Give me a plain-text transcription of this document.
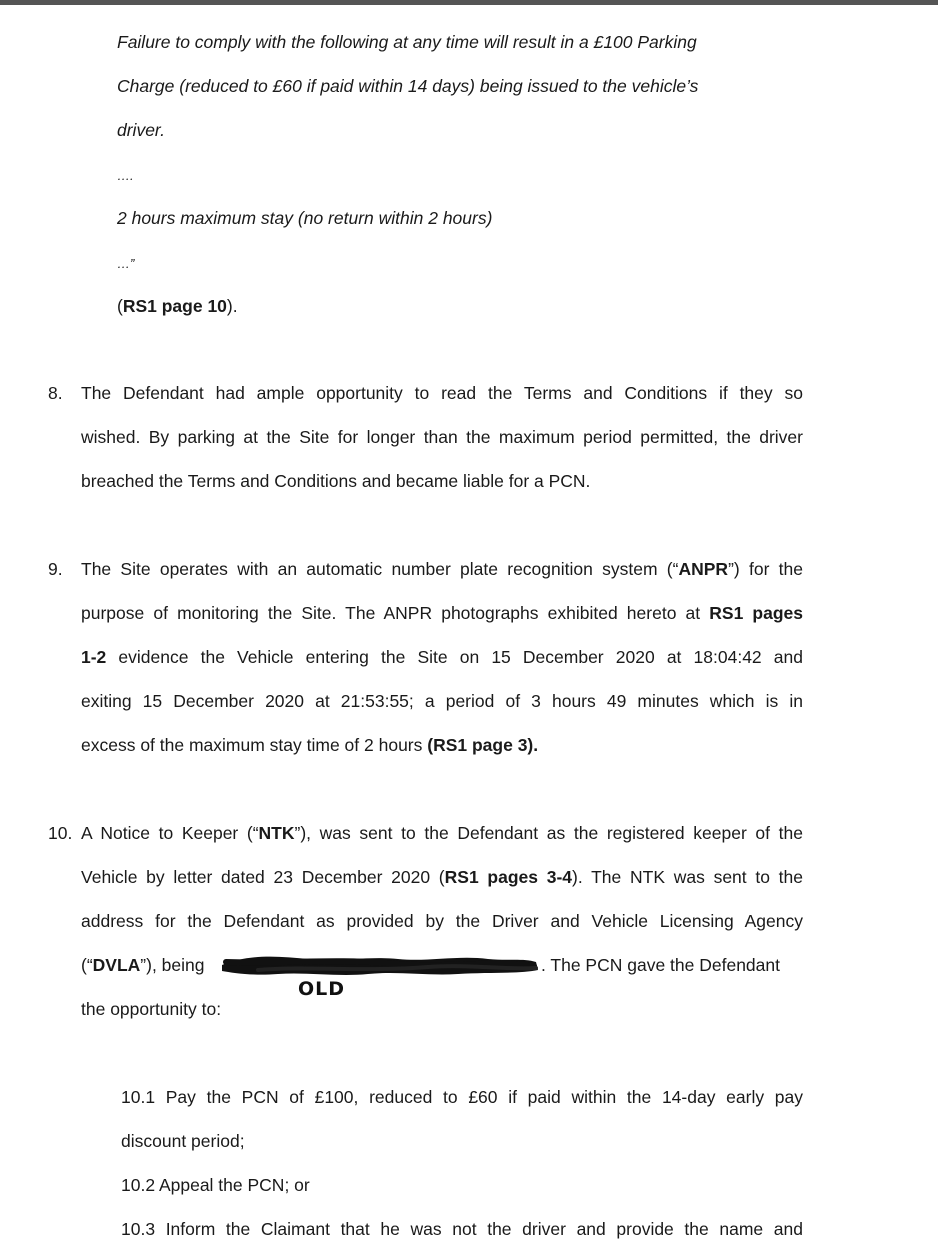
Failure to comply with the following at any time will result in a £100 Parking
Charge (reduced to £60 if paid within 14 days) being issued to the vehicle’s
driver.
….
2 hours maximum stay (no return within 2 hours)
…”
(RS1 page 10).
8. The Defendant had ample opportunity to read the Terms and Conditions if they so
wished. By parking at the Site for longer than the maximum period permitted, the driver
breached the Terms and Conditions and became liable for a PCN.
9. The Site operates with an automatic number plate recognition system (“ANPR”) for the
purpose of monitoring the Site. The ANPR photographs exhibited hereto at RS1 pages
1-2 evidence the Vehicle entering the Site on 15 December 2020 at 18:04:42 and
exiting 15 December 2020 at 21:53:55; a period of 3 hours 49 minutes which is in
excess of the maximum stay time of 2 hours (RS1 page 3).
10. A Notice to Keeper (“NTK”), was sent to the Defendant as the registered keeper of the
Vehicle by letter dated 23 December 2020 (RS1 pages 3-4). The NTK was sent to the
address for the Defendant as provided by the Driver and Vehicle Licensing Agency
(“DVLA”), being	. The PCN gave the Defendant
OLD
the opportunity to:
10.1 Pay the PCN of £100, reduced to £60 if paid within the 14-day early pay
discount period;
10.2 Appeal the PCN; or
10.3 Inform the Claimant that he was not the driver and provide the name and
